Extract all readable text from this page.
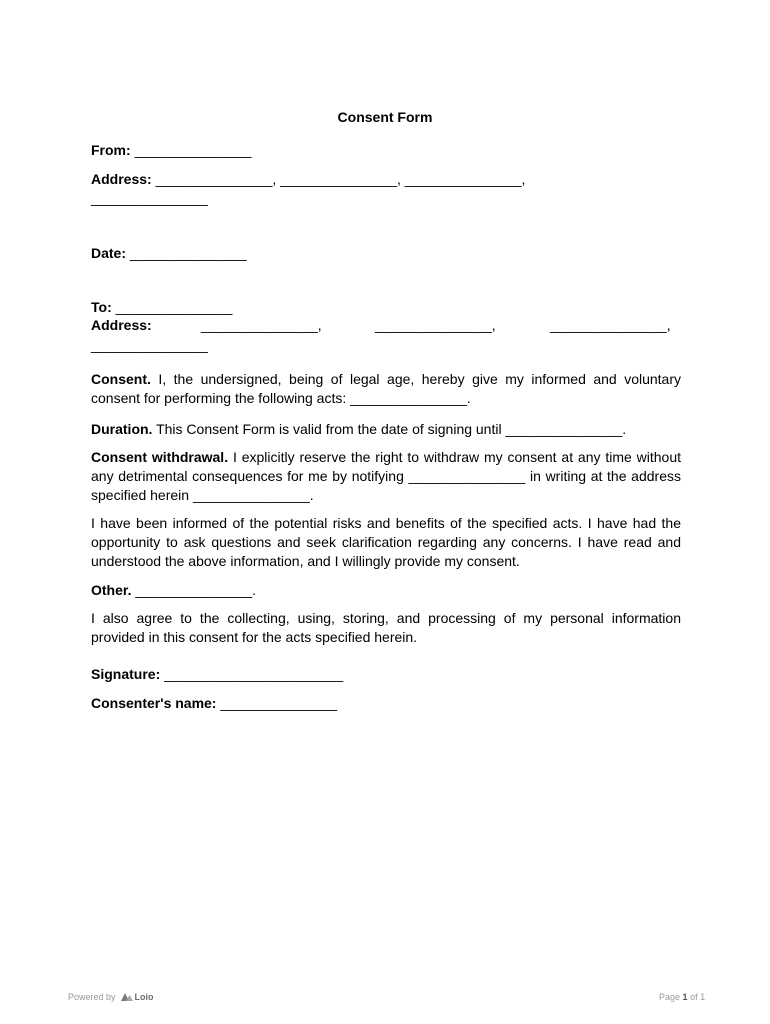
Consent Form
From: _______________
Address: _______________, _______________, _______________,
_______________
Date: _______________
To: _______________
Address:	_______________,	_______________,	_______________,
_______________
Consent. I, the undersigned, being of legal age, hereby give my informed and voluntary consent for performing the following acts: _______________.
Duration. This Consent Form is valid from the date of signing until _______________.
Consent withdrawal. I explicitly reserve the right to withdraw my consent at any time without any detrimental consequences for me by notifying _______________ in writing at the address specified herein _______________.
I have been informed of the potential risks and benefits of the specified acts. I have had the opportunity to ask questions and seek clarification regarding any concerns. I have read and understood the above information, and I willingly provide my consent.
Other. _______________.
I also agree to the collecting, using, storing, and processing of my personal information provided in this consent for the acts specified herein.
Signature: _______________________
Consenter's name: _______________
Powered by Loio	Page 1 of 1
